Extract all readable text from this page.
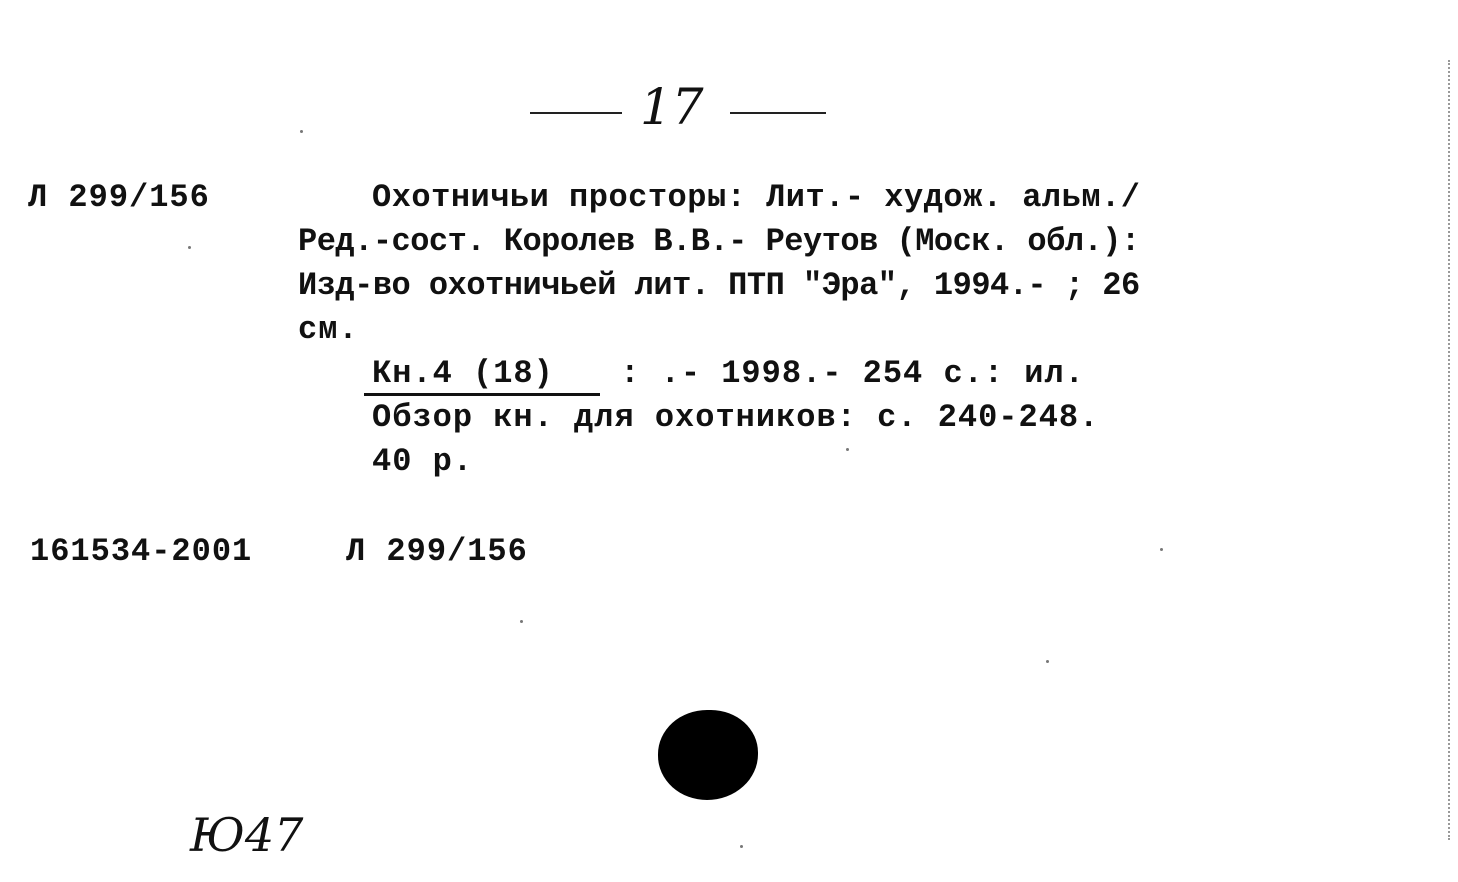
17
Л 299/156	Охотничьи просторы: Лит.- худож. альм./
Ред.-сост. Королев В.В.- Реутов (Моск. обл.):
Изд-во охотничьей лит. ПТП "Эра", 1994.- ; 26
см.
Кн.4 (18) : .- 1998.- 254 с.: ил.
Обзор кн. для охотников: с. 240-248.
40 р.
161534-2001	Л 299/156
Ю47
